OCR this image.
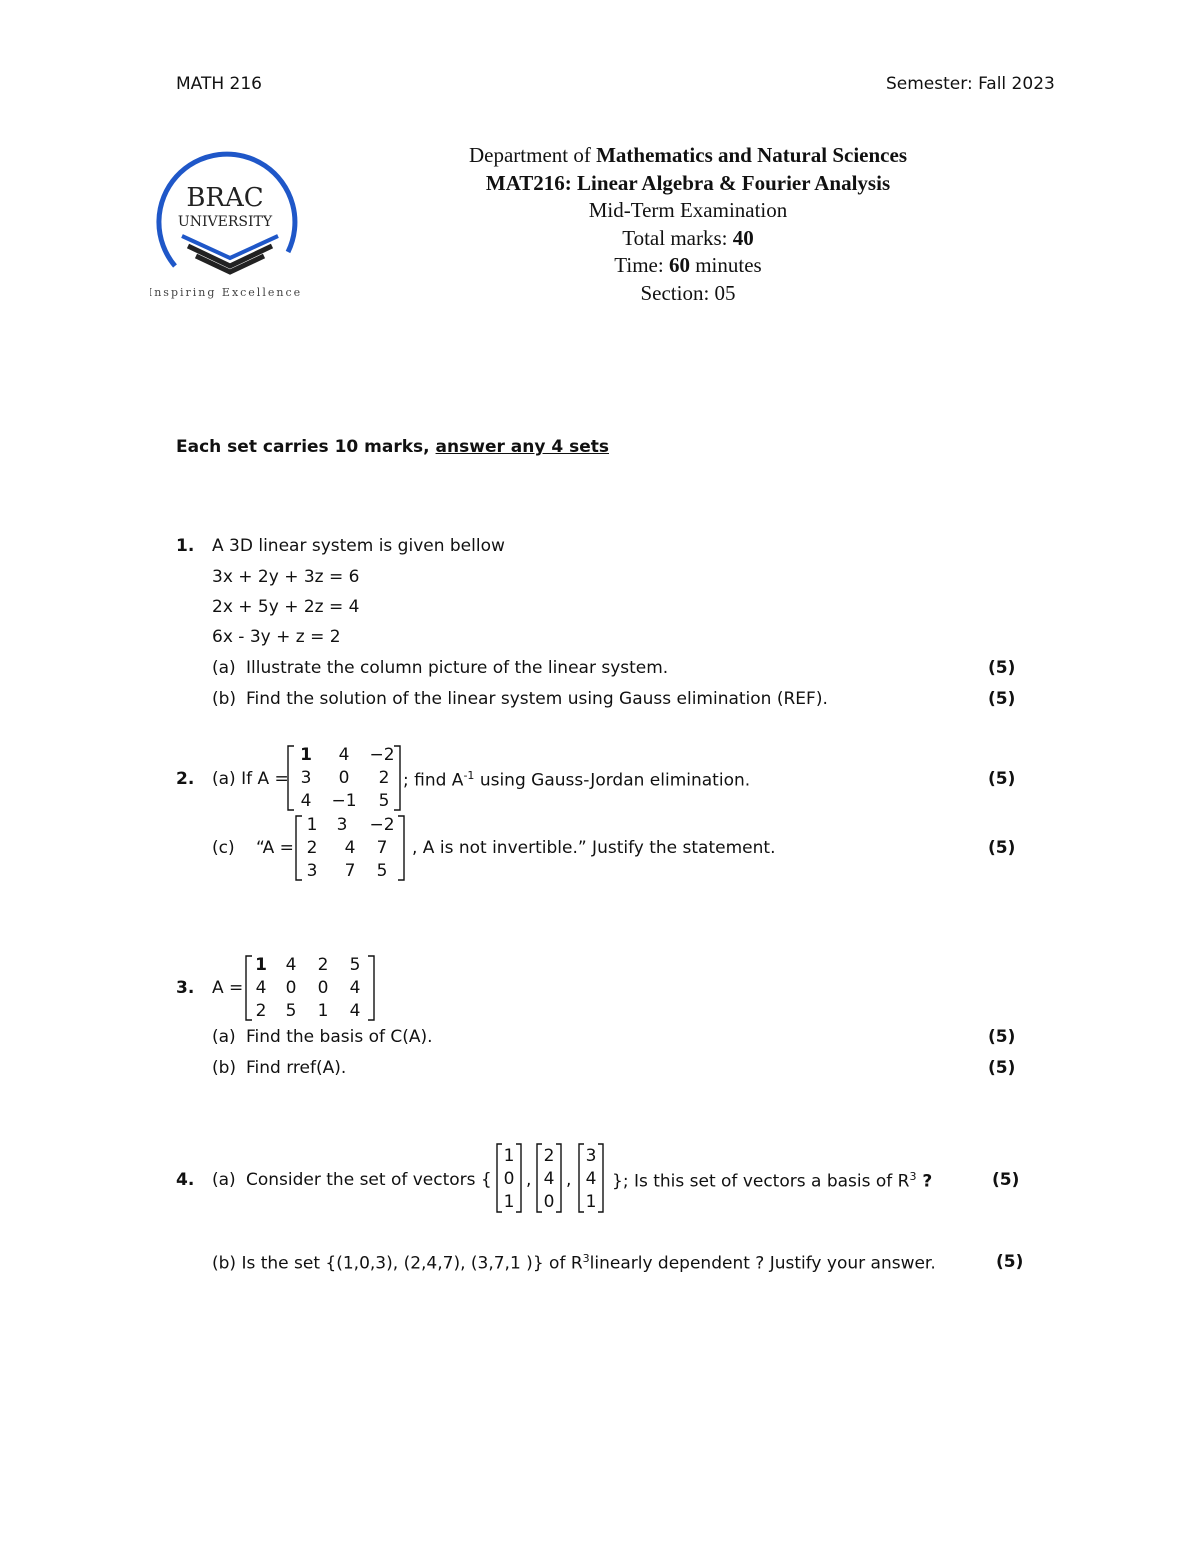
MATH 216	Semester: Fall 2023
BRAC
UNIVERSITY
Inspiring Excellence
Department of Mathematics and Natural Sciences
MAT216: Linear Algebra & Fourier Analysis
Mid-Term Examination
Total marks: 40
Time: 60 minutes
Section: 05
Each set carries 10 marks, answer any 4 sets
1. A 3D linear system is given bellow
3x + 2y + 3z = 6
2x + 5y + 2z = 4
6x - 3y + z = 2
(a) Illustrate the column picture of the linear system.	(5)
(b) Find the solution of the linear system using Gauss elimination (REF).	(5)
2. (a) If A =
1	4	−2
3	0	2
4	−1	5
; find $A^{-1}$ using Gauss-Jordan elimination.	(5)
(c) “A =
1	3	−2
2	4	7
3	7	5
, A is not invertible.” Justify the statement.	(5)
3. A =
1	4	2	5
4	0	0	4
2	5	1	4
(a) Find the basis of C(A).	(5)
(b) Find rref(A).	(5)
4. (a) Consider the set of vectors {
1
0
1
,
2
4
0
,
3
4
1
}; Is this set of vectors a basis of $R^3$ ?	(5)
(b) Is the set {(1,0,3), (2,4,7), (3,7,1 )} of $R^3linearly$ dependent ? Justify your answer.	(5)
